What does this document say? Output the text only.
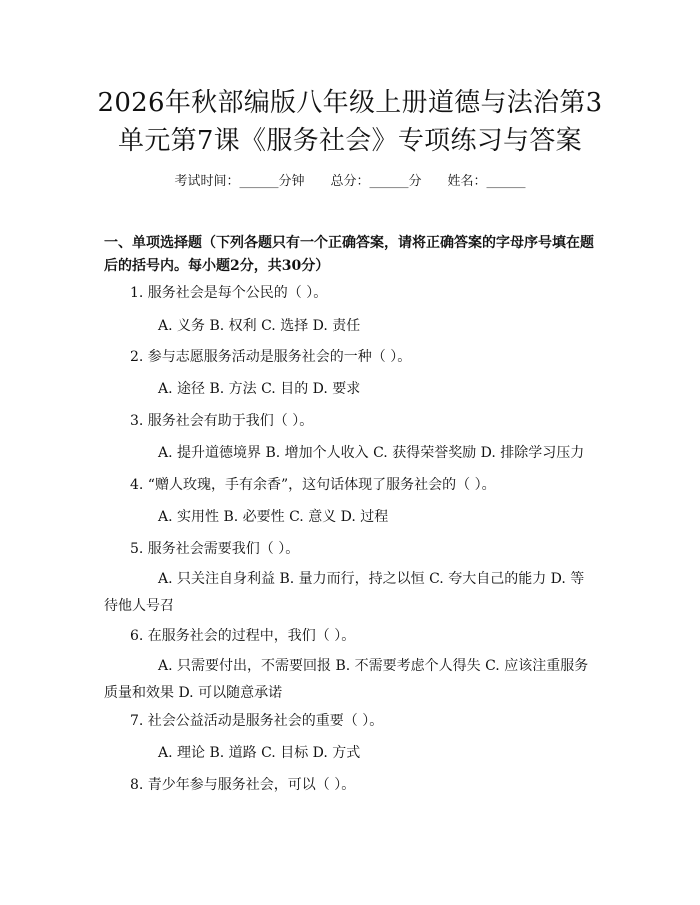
2026年秋部编版八年级上册道德与法治第3
单元第7课《服务社会》专项练习与答案
考试时间：______分钟　　总分：______分　　姓名：______
一、单项选择题（下列各题只有一个正确答案，请将正确答案的字母序号填在题后的括号内。每小题2分，共30分）
1. 服务社会是每个公民的（ ）。
A. 义务 B. 权利 C. 选择 D. 责任
2. 参与志愿服务活动是服务社会的一种（ ）。
A. 途径 B. 方法 C. 目的 D. 要求
3. 服务社会有助于我们（ ）。
A. 提升道德境界 B. 增加个人收入 C. 获得荣誉奖励 D. 排除学习压力
4. “赠人玫瑰，手有余香”，这句话体现了服务社会的（ ）。
A. 实用性 B. 必要性 C. 意义 D. 过程
5. 服务社会需要我们（ ）。
A. 只关注自身利益 B. 量力而行，持之以恒 C. 夸大自己的能力 D. 等待他人号召
6. 在服务社会的过程中，我们（ ）。
A. 只需要付出，不需要回报 B. 不需要考虑个人得失 C. 应该注重服务质量和效果 D. 可以随意承诺
7. 社会公益活动是服务社会的重要（ ）。
A. 理论 B. 道路 C. 目标 D. 方式
8. 青少年参与服务社会，可以（ ）。
